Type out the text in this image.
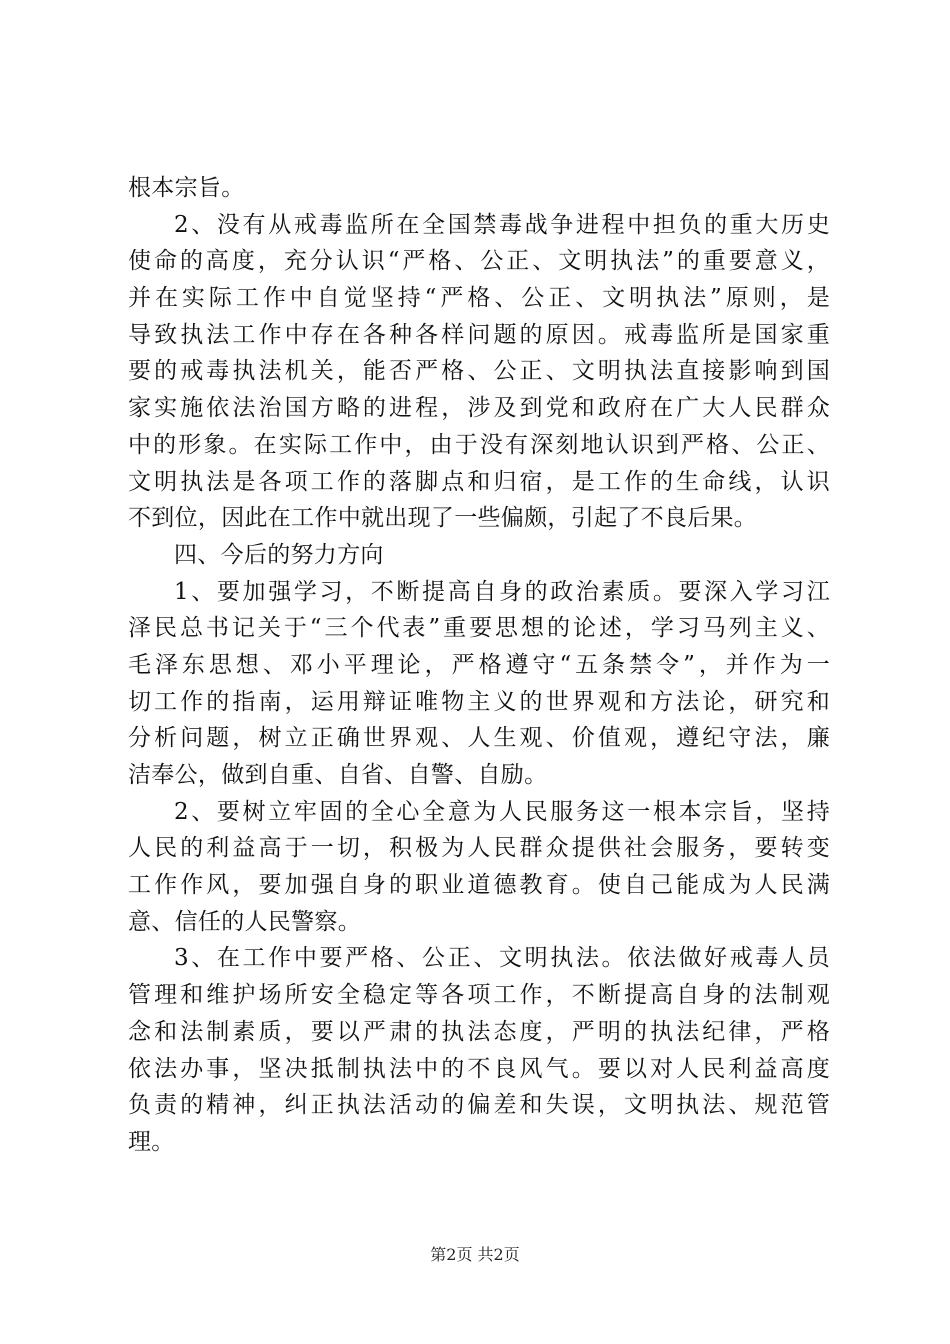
根本宗旨。
2、没有从戒毒监所在全国禁毒战争进程中担负的重大历史
使命的高度，充分认识“严格、公正、文明执法”的重要意义，
并在实际工作中自觉坚持“严格、公正、文明执法”原则，是
导致执法工作中存在各种各样问题的原因。戒毒监所是国家重
要的戒毒执法机关，能否严格、公正、文明执法直接影响到国
家实施依法治国方略的进程，涉及到党和政府在广大人民群众
中的形象。在实际工作中，由于没有深刻地认识到严格、公正、
文明执法是各项工作的落脚点和归宿，是工作的生命线，认识
不到位，因此在工作中就出现了一些偏颇，引起了不良后果。
四、今后的努力方向
1、要加强学习，不断提高自身的政治素质。要深入学习江
泽民总书记关于“三个代表”重要思想的论述，学习马列主义、
毛泽东思想、邓小平理论，严格遵守“五条禁令”，并作为一
切工作的指南，运用辩证唯物主义的世界观和方法论，研究和
分析问题，树立正确世界观、人生观、价值观，遵纪守法，廉
洁奉公，做到自重、自省、自警、自励。
2、要树立牢固的全心全意为人民服务这一根本宗旨，坚持
人民的利益高于一切，积极为人民群众提供社会服务，要转变
工作作风，要加强自身的职业道德教育。使自己能成为人民满
意、信任的人民警察。
3、在工作中要严格、公正、文明执法。依法做好戒毒人员
管理和维护场所安全稳定等各项工作，不断提高自身的法制观
念和法制素质，要以严肃的执法态度，严明的执法纪律，严格
依法办事，坚决抵制执法中的不良风气。要以对人民利益高度
负责的精神，纠正执法活动的偏差和失误，文明执法、规范管
理。
第2页 共2页
